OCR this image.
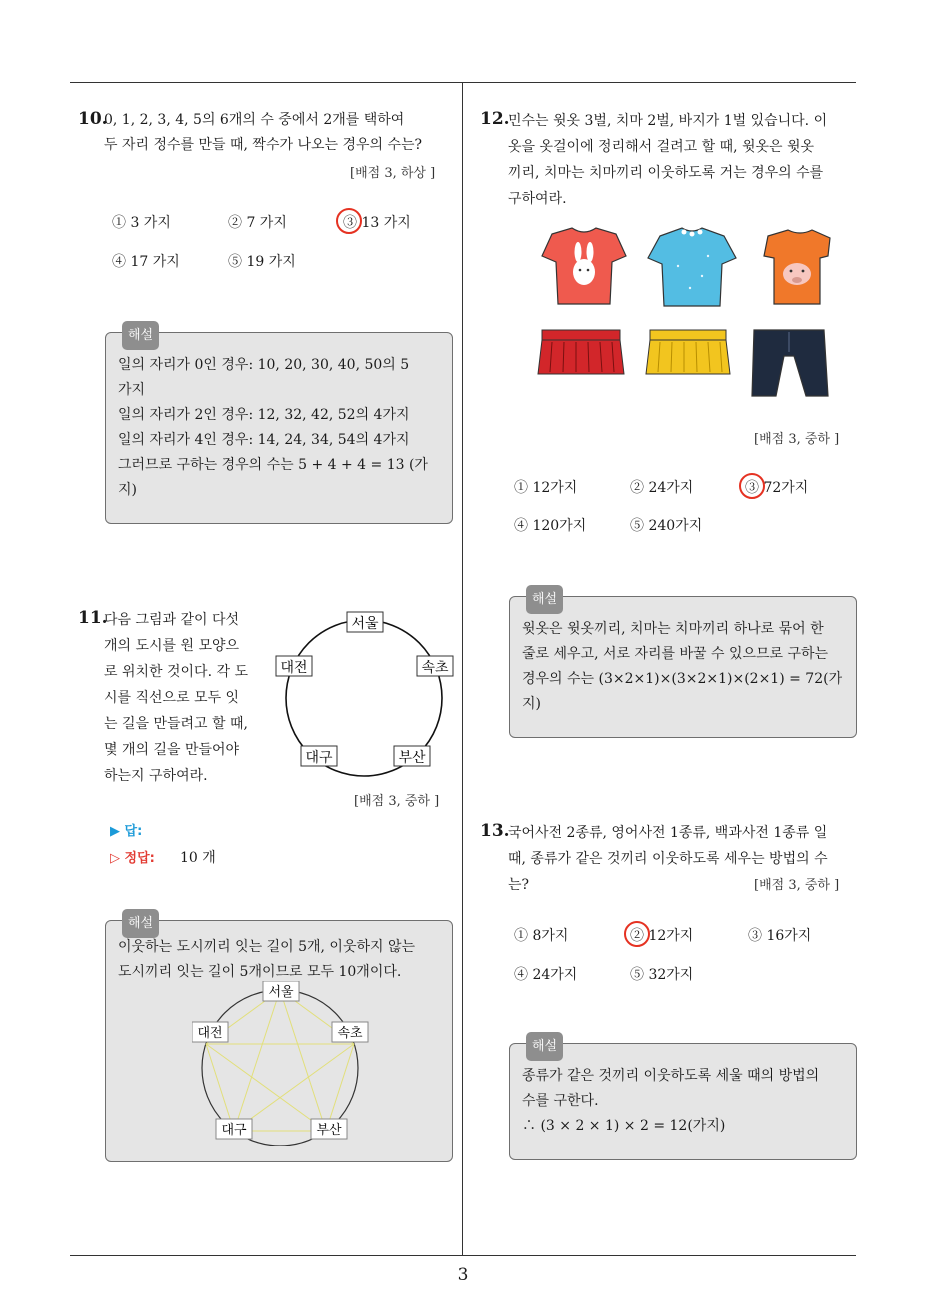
10.
0, 1, 2, 3, 4, 5의 6개의 수 중에서 2개를 택하여
두 자리 정수를 만들 때, 짝수가 나오는 경우의 수는?
[배점 3, 하상 ]
① 3 가지	② 7 가지	③ 13 가지
④ 17 가지	⑤ 19 가지
해설
일의 자리가 0인 경우: 10, 20, 30, 40, 50의 5
가지
일의 자리가 2인 경우: 12, 32, 42, 52의 4가지
일의 자리가 4인 경우: 14, 24, 34, 54의 4가지
그러므로 구하는 경우의 수는 5 + 4 + 4 = 13 (가
지)
11.
다음 그림과 같이 다섯
개의 도시를 원 모양으
로 위치한 것이다. 각 도
시를 직선으로 모두 잇
는 길을 만들려고 할 때,
몇 개의 길을 만들어야
하는지 구하여라.
서울
속초
부산
대구
대전
[배점 3, 중하 ]
▶ 답:
▷ 정답: 10 개
해설
이웃하는 도시끼리 잇는 길이 5개, 이웃하지 않는
도시끼리 잇는 길이 5개이므로 모두 10개이다.
서울
속초
부산
대구
대전
12.
민수는 윗옷 3벌, 치마 2벌, 바지가 1벌 있습니다. 이
옷을 옷걸이에 정리해서 걸려고 할 때, 윗옷은 윗옷
끼리, 치마는 치마끼리 이웃하도록 거는 경우의 수를
구하여라.
[배점 3, 중하 ]
① 12가지	② 24가지	③ 72가지
④ 120가지	⑤ 240가지
해설
윗옷은 윗옷끼리, 치마는 치마끼리 하나로 묶어 한
줄로 세우고, 서로 자리를 바꿀 수 있으므로 구하는
경우의 수는 (3×2×1)×(3×2×1)×(2×1) = 72(가
지)
13.
국어사전 2종류, 영어사전 1종류, 백과사전 1종류 일
때, 종류가 같은 것끼리 이웃하도록 세우는 방법의 수
는?	[배점 3, 중하 ]
① 8가지	② 12가지	③ 16가지
④ 24가지	⑤ 32가지
해설
종류가 같은 것끼리 이웃하도록 세울 때의 방법의
수를 구한다.
∴ (3 × 2 × 1) × 2 = 12(가지)
3
